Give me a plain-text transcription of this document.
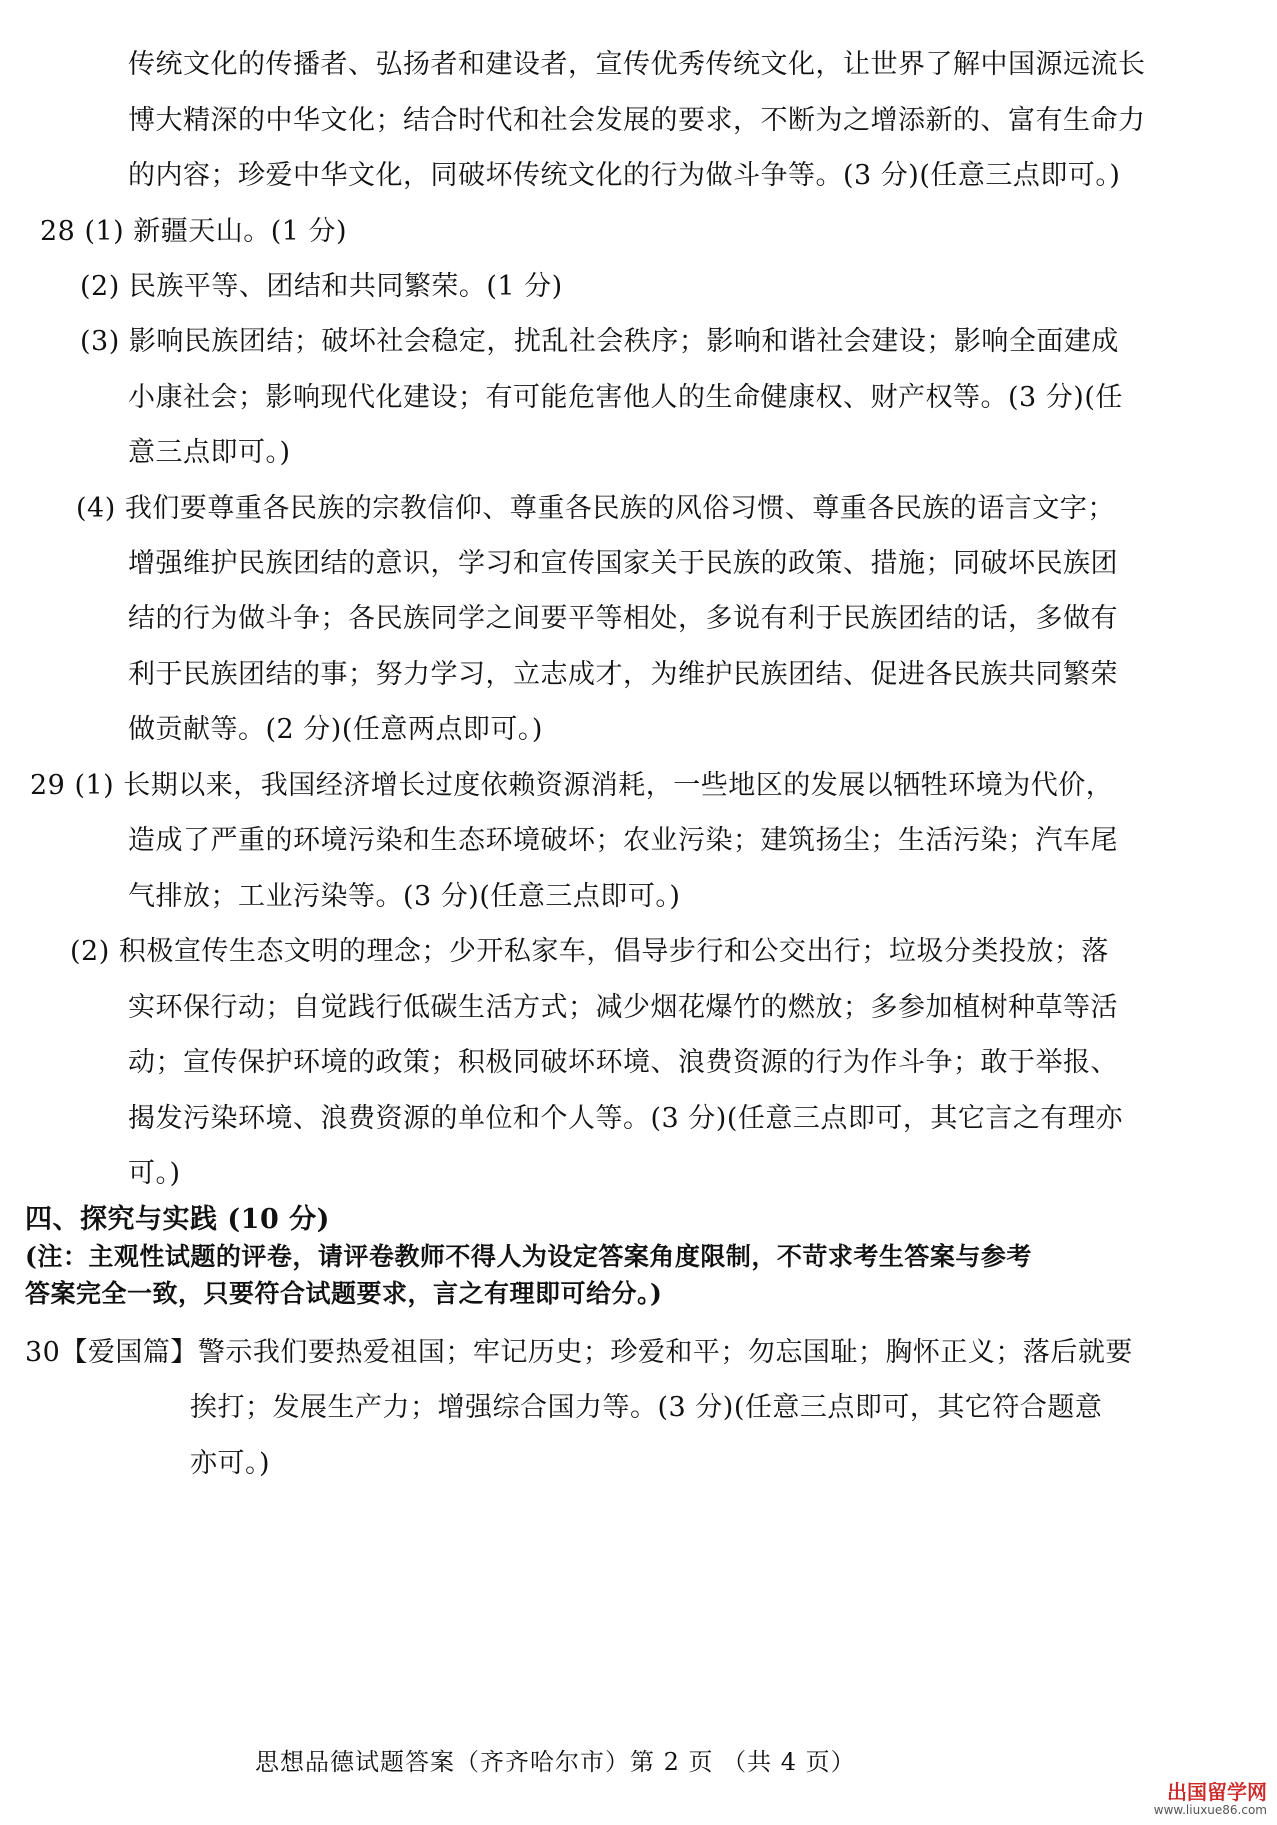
传统文化的传播者、弘扬者和建设者，宣传优秀传统文化，让世界了解中国源远流长
博大精深的中华文化；结合时代和社会发展的要求，不断为之增添新的、富有生命力
的内容；珍爱中华文化，同破坏传统文化的行为做斗争等。(3 分)(任意三点即可。)
28 (1) 新疆天山。(1 分)
(2) 民族平等、团结和共同繁荣。(1 分)
(3) 影响民族团结；破坏社会稳定，扰乱社会秩序；影响和谐社会建设；影响全面建成
小康社会；影响现代化建设；有可能危害他人的生命健康权、财产权等。(3 分)(任
意三点即可。)
(4) 我们要尊重各民族的宗教信仰、尊重各民族的风俗习惯、尊重各民族的语言文字；
增强维护民族团结的意识，学习和宣传国家关于民族的政策、措施；同破坏民族团
结的行为做斗争；各民族同学之间要平等相处，多说有利于民族团结的话，多做有
利于民族团结的事；努力学习，立志成才，为维护民族团结、促进各民族共同繁荣
做贡献等。(2 分)(任意两点即可。)
29 (1) 长期以来，我国经济增长过度依赖资源消耗，一些地区的发展以牺牲环境为代价，
造成了严重的环境污染和生态环境破坏；农业污染；建筑扬尘；生活污染；汽车尾
气排放；工业污染等。(3 分)(任意三点即可。)
(2) 积极宣传生态文明的理念；少开私家车，倡导步行和公交出行；垃圾分类投放；落
实环保行动；自觉践行低碳生活方式；减少烟花爆竹的燃放；多参加植树种草等活
动；宣传保护环境的政策；积极同破坏环境、浪费资源的行为作斗争；敢于举报、
揭发污染环境、浪费资源的单位和个人等。(3 分)(任意三点即可，其它言之有理亦
可。)
四、探究与实践 (10 分)
(注：主观性试题的评卷，请评卷教师不得人为设定答案角度限制，不苛求考生答案与参考
答案完全一致，只要符合试题要求，言之有理即可给分。)
30【爱国篇】警示我们要热爱祖国；牢记历史；珍爱和平；勿忘国耻；胸怀正义；落后就要
挨打；发展生产力；增强综合国力等。(3 分)(任意三点即可，其它符合题意
亦可。)
思想品德试题答案（齐齐哈尔市）第 2 页 （共 4 页）
出国留学网
www.liuxue86.com
